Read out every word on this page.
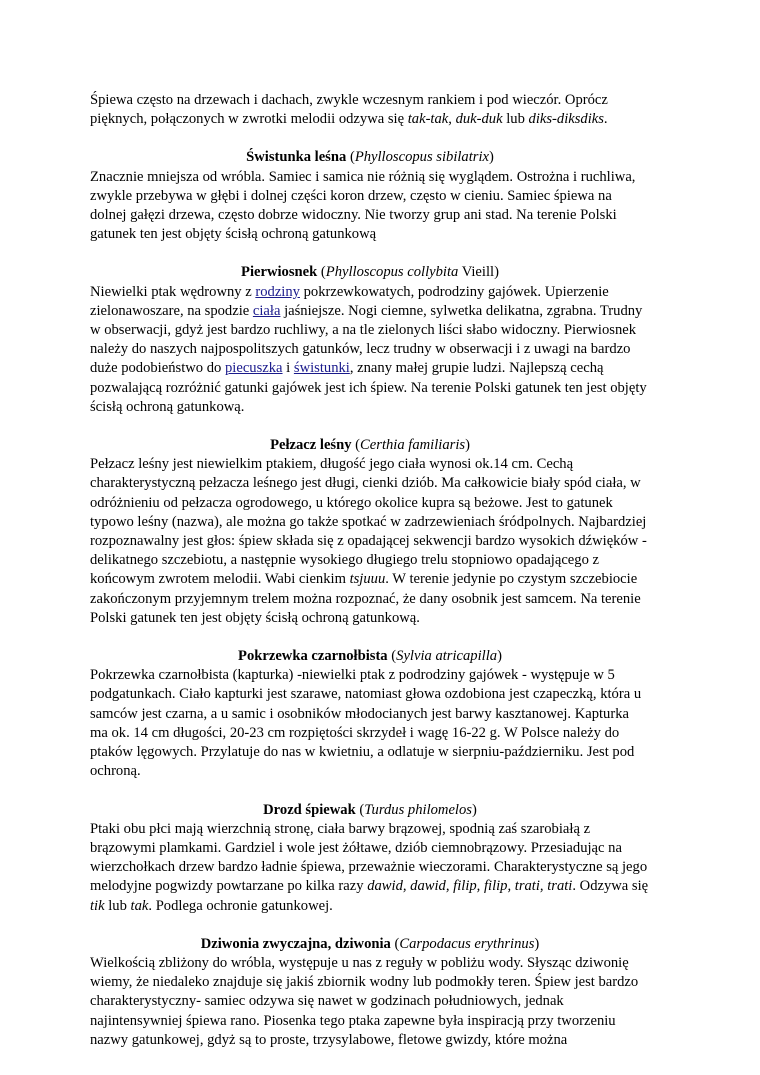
Śpiewa często na drzewach i dachach, zwykle wczesnym rankiem i pod wieczór. Oprócz pięknych, połączonych w zwrotki melodii odzywa się tak-tak, duk-duk lub diks-diksdiks.

Świstunka leśna (Phylloscopus sibilatrix)

Znacznie mniejsza od wróbla. Samiec i samica nie różnią się wyglądem. Ostrożna i ruchliwa, zwykle przebywa w głębi i dolnej części koron drzew, często w cieniu. Samiec śpiewa na dolnej gałęzi drzewa, często dobrze widoczny. Nie tworzy grup ani stad. Na terenie Polski gatunek ten jest objęty ścisłą ochroną gatunkową

Pierwiosnek (Phylloscopus collybita Vieill)

Niewielki ptak wędrowny z rodziny pokrzewkowatych, podrodziny gajówek. Upierzenie zielonawoszare, na spodzie ciała jaśniejsze. Nogi ciemne, sylwetka delikatna, zgrabna. Trudny w obserwacji, gdyż jest bardzo ruchliwy, a na tle zielonych liści słabo widoczny. Pierwiosnek należy do naszych najpospolitszych gatunków, lecz trudny w obserwacji i z uwagi na bardzo duże podobieństwo do piecuszka i świstunki, znany małej grupie ludzi. Najlepszą cechą pozwalającą rozróżnić gatunki gajówek jest ich śpiew. Na terenie Polski gatunek ten jest objęty ścisłą ochroną gatunkową.

Pełzacz leśny (Certhia familiaris)

Pełzacz leśny jest niewielkim ptakiem, długość jego ciała wynosi ok.14 cm. Cechą charakterystyczną pełzacza leśnego jest długi, cienki dziób. Ma całkowicie biały spód ciała, w odróżnieniu od pełzacza ogrodowego, u którego okolice kupra są beżowe. Jest to gatunek typowo leśny (nazwa), ale można go także spotkać w zadrzewieniach śródpolnych. Najbardziej rozpoznawalny jest głos: śpiew składa się z opadającej sekwencji bardzo wysokich dźwięków - delikatnego szczebiotu, a następnie wysokiego długiego trelu stopniowo opadającego z końcowym zwrotem melodii. Wabi cienkim tsjuuu. W terenie jedynie po czystym szczebiocie zakończonym przyjemnym trelem można rozpoznać, że dany osobnik jest samcem. Na terenie Polski gatunek ten jest objęty ścisłą ochroną gatunkową.

Pokrzewka czarnołbista (Sylvia atricapilla)

Pokrzewka czarnołbista (kapturka) -niewielki ptak z podrodziny gajówek - występuje w 5 podgatunkach. Ciało kapturki jest szarawe, natomiast głowa ozdobiona jest czapeczką, która u samców jest czarna, a u samic i osobników młodocianych jest barwy kasztanowej. Kapturka ma ok. 14 cm długości, 20-23 cm rozpiętości skrzydeł i wagę 16-22 g. W Polsce należy do ptaków lęgowych. Przylatuje do nas w kwietniu, a odlatuje w sierpniu-październiku. Jest pod ochroną.

Drozd śpiewak (Turdus philomelos)

Ptaki obu płci mają wierzchnią stronę, ciała barwy brązowej, spodnią zaś szarobiałą z brązowymi plamkami. Gardziel i wole jest żółtawe, dziób ciemnobrązowy. Przesiadując na wierzchołkach drzew bardzo ładnie śpiewa, przeważnie wieczorami. Charakterystyczne są jego melodyjne pogwizdy powtarzane po kilka razy dawid, dawid, filip, filip, trati, trati. Odzywa się tik lub tak. Podlega ochronie gatunkowej.

Dziwonia zwyczajna, dziwonia (Carpodacus erythrinus)

Wielkością zbliżony do wróbla, występuje u nas z reguły w pobliżu wody. Słysząc dziwonię wiemy, że niedaleko znajduje się jakiś zbiornik wodny lub podmokły teren. Śpiew jest bardzo charakterystyczny- samiec odzywa się nawet w godzinach południowych, jednak najintensywniej śpiewa rano. Piosenka tego ptaka zapewne była inspiracją przy tworzeniu nazwy gatunkowej, gdyż są to proste, trzysylabowe, fletowe gwizdy, które można
